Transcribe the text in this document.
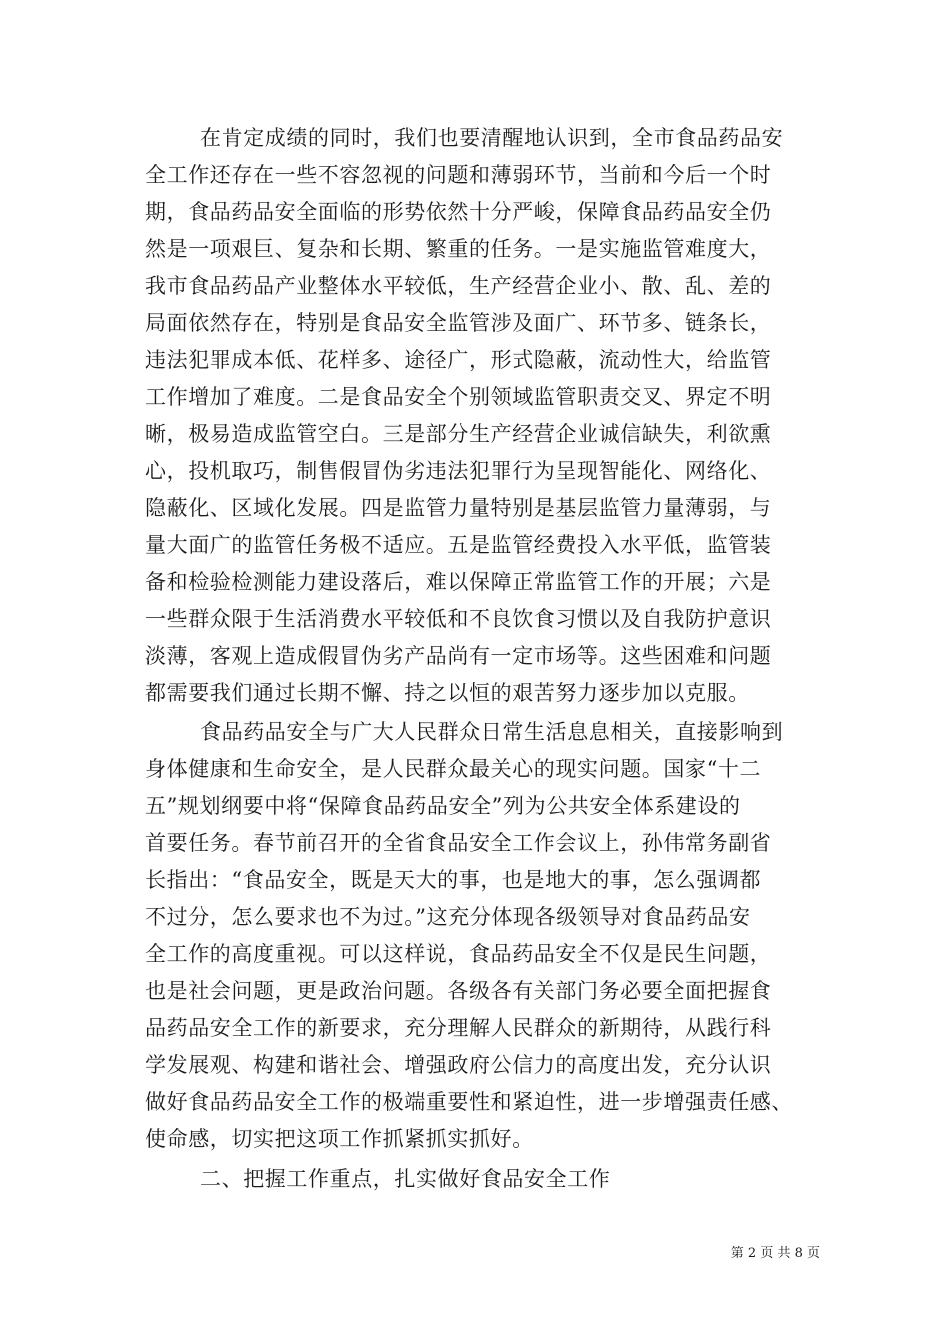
在肯定成绩的同时，我们也要清醒地认识到，全市食品药品安
全工作还存在一些不容忽视的问题和薄弱环节，当前和今后一个时
期，食品药品安全面临的形势依然十分严峻，保障食品药品安全仍
然是一项艰巨、复杂和长期、繁重的任务。一是实施监管难度大，
我市食品药品产业整体水平较低，生产经营企业小、散、乱、差的
局面依然存在，特别是食品安全监管涉及面广、环节多、链条长，
违法犯罪成本低、花样多、途径广，形式隐蔽，流动性大，给监管
工作增加了难度。二是食品安全个别领域监管职责交叉、界定不明
晰，极易造成监管空白。三是部分生产经营企业诚信缺失，利欲熏
心，投机取巧，制售假冒伪劣违法犯罪行为呈现智能化、网络化、
隐蔽化、区域化发展。四是监管力量特别是基层监管力量薄弱，与
量大面广的监管任务极不适应。五是监管经费投入水平低，监管装
备和检验检测能力建设落后，难以保障正常监管工作的开展；六是
一些群众限于生活消费水平较低和不良饮食习惯以及自我防护意识
淡薄，客观上造成假冒伪劣产品尚有一定市场等。这些困难和问题
都需要我们通过长期不懈、持之以恒的艰苦努力逐步加以克服。
食品药品安全与广大人民群众日常生活息息相关，直接影响到
身体健康和生命安全，是人民群众最关心的现实问题。国家“十二
五”规划纲要中将“保障食品药品安全”列为公共安全体系建设的
首要任务。春节前召开的全省食品安全工作会议上，孙伟常务副省
长指出：“食品安全，既是天大的事，也是地大的事，怎么强调都
不过分，怎么要求也不为过。”这充分体现各级领导对食品药品安
全工作的高度重视。可以这样说，食品药品安全不仅是民生问题，
也是社会问题，更是政治问题。各级各有关部门务必要全面把握食
品药品安全工作的新要求，充分理解人民群众的新期待，从践行科
学发展观、构建和谐社会、增强政府公信力的高度出发，充分认识
做好食品药品安全工作的极端重要性和紧迫性，进一步增强责任感、
使命感，切实把这项工作抓紧抓实抓好。
二、把握工作重点，扎实做好食品安全工作
第 2 页 共 8 页
